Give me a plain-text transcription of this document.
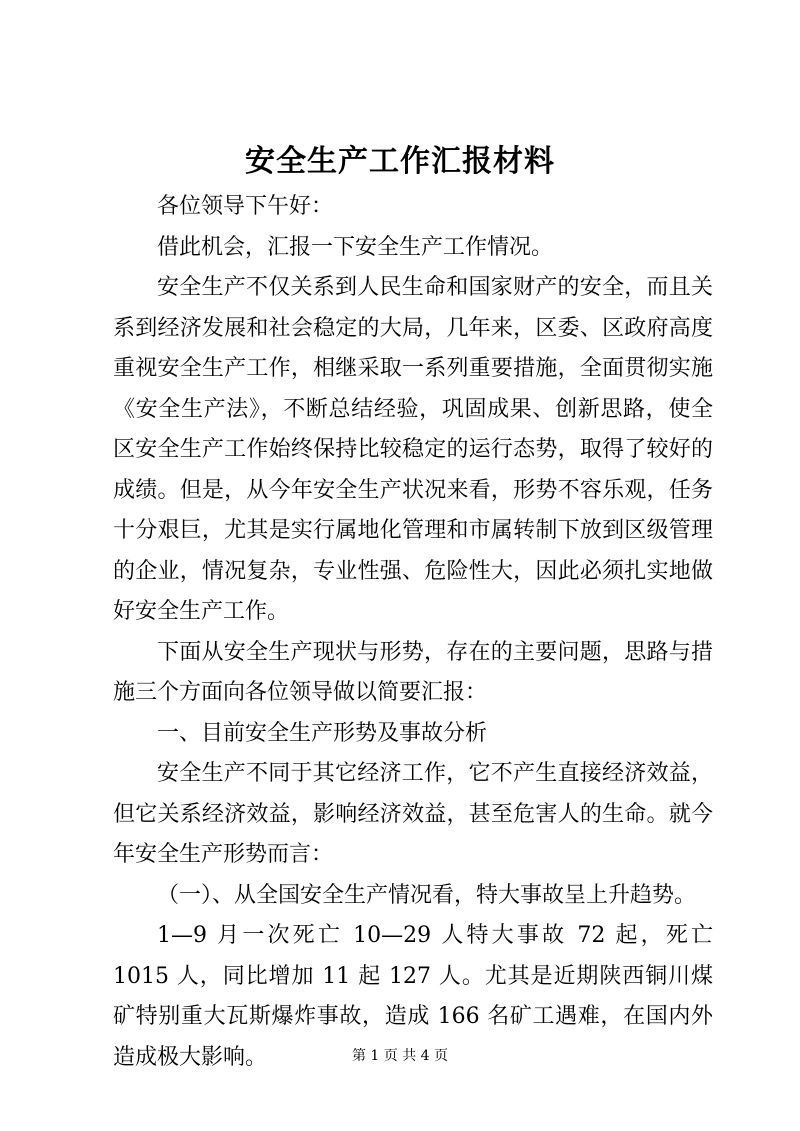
安全生产工作汇报材料

各位领导下午好：

借此机会，汇报一下安全生产工作情况。

安全生产不仅关系到人民生命和国家财产的安全，而且关系到经济发展和社会稳定的大局，几年来，区委、区政府高度重视安全生产工作，相继采取一系列重要措施，全面贯彻实施《安全生产法》，不断总结经验，巩固成果、创新思路，使全区安全生产工作始终保持比较稳定的运行态势，取得了较好的成绩。但是，从今年安全生产状况来看，形势不容乐观，任务十分艰巨，尤其是实行属地化管理和市属转制下放到区级管理的企业，情况复杂，专业性强、危险性大，因此必须扎实地做好安全生产工作。

下面从安全生产现状与形势，存在的主要问题，思路与措施三个方面向各位领导做以简要汇报：

一、目前安全生产形势及事故分析

安全生产不同于其它经济工作，它不产生直接经济效益，但它关系经济效益，影响经济效益，甚至危害人的生命。就今年安全生产形势而言：

（一）、从全国安全生产情况看，特大事故呈上升趋势。

1—9 月一次死亡 10—29 人特大事故 72 起，死亡 1015 人，同比增加 11 起 127 人。尤其是近期陕西铜川煤矿特别重大瓦斯爆炸事故，造成 166 名矿工遇难，在国内外造成极大影响。	第 1 页 共 4 页
